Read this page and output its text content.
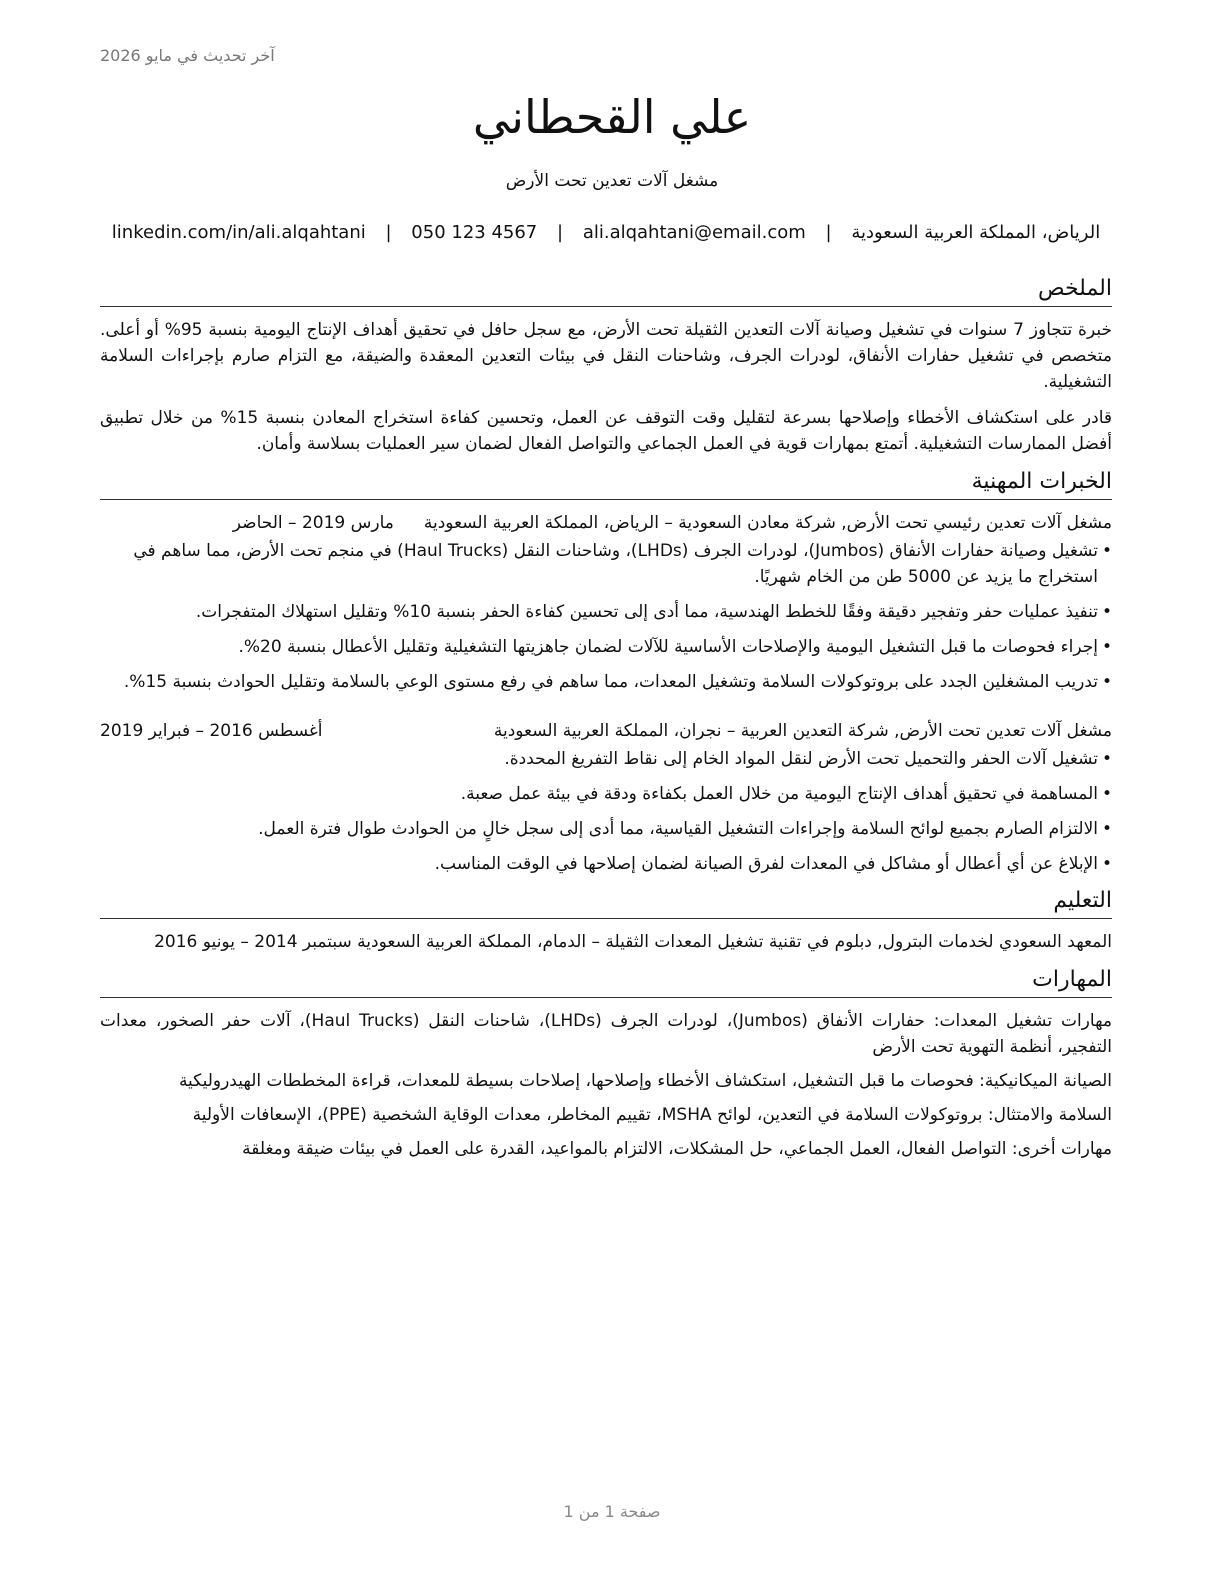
آخر تحديث في مايو 2026
علي القحطاني
مشغل آلات تعدين تحت الأرض
الرياض، المملكة العربية السعودية | ali.alqahtani@email.com | 050 123 4567 | linkedin.com/in/ali.alqahtani
الملخص

خبرة تتجاوز 7 سنوات في تشغيل وصيانة آلات التعدين الثقيلة تحت الأرض، مع سجل حافل في تحقيق أهداف الإنتاج اليومية بنسبة 95% أو أعلى. متخصص في تشغيل حفارات الأنفاق، لودرات الجرف، وشاحنات النقل في بيئات التعدين المعقدة والضيقة، مع التزام صارم بإجراءات السلامة التشغيلية.

قادر على استكشاف الأخطاء وإصلاحها بسرعة لتقليل وقت التوقف عن العمل، وتحسين كفاءة استخراج المعادن بنسبة 15% من خلال تطبيق أفضل الممارسات التشغيلية. أتمتع بمهارات قوية في العمل الجماعي والتواصل الفعال لضمان سير العمليات بسلاسة وأمان.

الخبرات المهنية
مشغل آلات تعدين رئيسي تحت الأرض, شركة معادن السعودية – الرياض، المملكة العربية السعودية
مارس 2019 – الحاضر
•
تشغيل وصيانة حفارات الأنفاق (Jumbos)، لودرات الجرف (LHDs)، وشاحنات النقل (Haul Trucks) في منجم تحت الأرض، مما ساهم في استخراج ما يزيد عن 5000 طن من الخام شهريًا.
•
تنفيذ عمليات حفر وتفجير دقيقة وفقًا للخطط الهندسية، مما أدى إلى تحسين كفاءة الحفر بنسبة 10% وتقليل استهلاك المتفجرات.
•
إجراء فحوصات ما قبل التشغيل اليومية والإصلاحات الأساسية للآلات لضمان جاهزيتها التشغيلية وتقليل الأعطال بنسبة 20%.
•
تدريب المشغلين الجدد على بروتوكولات السلامة وتشغيل المعدات، مما ساهم في رفع مستوى الوعي بالسلامة وتقليل الحوادث بنسبة 15%.
مشغل آلات تعدين تحت الأرض, شركة التعدين العربية – نجران، المملكة العربية السعودية
أغسطس 2016 – فبراير 2019
•
تشغيل آلات الحفر والتحميل تحت الأرض لنقل المواد الخام إلى نقاط التفريغ المحددة.
•
المساهمة في تحقيق أهداف الإنتاج اليومية من خلال العمل بكفاءة ودقة في بيئة عمل صعبة.
•
الالتزام الصارم بجميع لوائح السلامة وإجراءات التشغيل القياسية، مما أدى إلى سجل خالٍ من الحوادث طوال فترة العمل.
•
الإبلاغ عن أي أعطال أو مشاكل في المعدات لفرق الصيانة لضمان إصلاحها في الوقت المناسب.
التعليم

المعهد السعودي لخدمات البترول, دبلوم في تقنية تشغيل المعدات الثقيلة – الدمام، المملكة العربية السعودية سبتمبر 2014 – يونيو 2016

المهارات

مهارات تشغيل المعدات: حفارات الأنفاق (Jumbos)، لودرات الجرف (LHDs)، شاحنات النقل (Haul Trucks)، آلات حفر الصخور، معدات التفجير، أنظمة التهوية تحت الأرض

الصيانة الميكانيكية: فحوصات ما قبل التشغيل، استكشاف الأخطاء وإصلاحها، إصلاحات بسيطة للمعدات، قراءة المخططات الهيدروليكية

السلامة والامتثال: بروتوكولات السلامة في التعدين، لوائح MSHA، تقييم المخاطر، معدات الوقاية الشخصية (PPE)، الإسعافات الأولية

مهارات أخرى: التواصل الفعال، العمل الجماعي، حل المشكلات، الالتزام بالمواعيد، القدرة على العمل في بيئات ضيقة ومغلقة

صفحة 1 من 1
